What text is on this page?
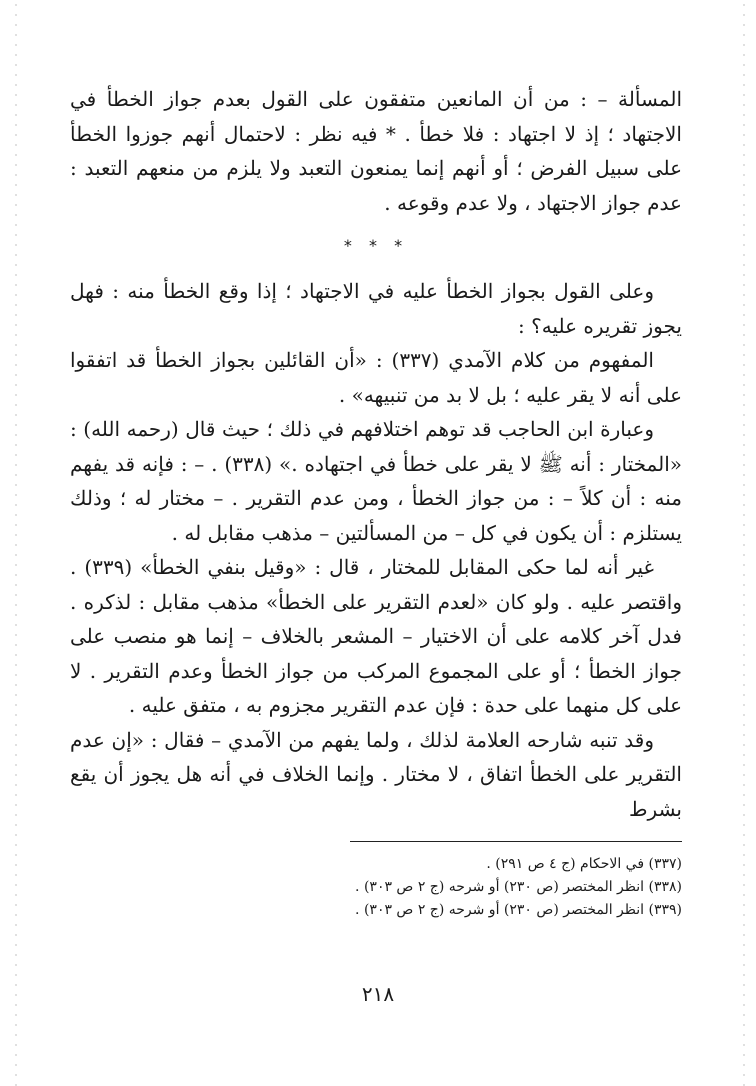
المسألة – : من أن المانعين متفقون على القول بعدم جواز الخطأ في الاجتهاد ؛ إذ لا اجتهاد : فلا خطأ . * فيه نظر : لاحتمال أنهم جوزوا الخطأ على سبيل الفرض ؛ أو أنهم إنما يمنعون التعبد ولا يلزم من منعهم التعبد : عدم جواز الاجتهاد ، ولا عدم وقوعه .

* * *

وعلى القول بجواز الخطأ عليه في الاجتهاد ؛ إذا وقع الخطأ منه : فهل يجوز تقريره عليه؟ :

المفهوم من كلام الآمدي (٣٣٧) : «أن القائلين بجواز الخطأ قد اتفقوا على أنه لا يقر عليه ؛ بل لا بد من تنبيهه» .

وعبارة ابن الحاجب قد توهم اختلافهم في ذلك ؛ حيث قال (رحمه الله) : «المختار : أنه ﷺ لا يقر على خطأ في اجتهاده .» (٣٣٨) . – : فإنه قد يفهم منه : أن كلاً – : من جواز الخطأ ، ومن عدم التقرير . – مختار له ؛ وذلك يستلزم : أن يكون في كل – من المسألتين – مذهب مقابل له .

غير أنه لما حكى المقابل للمختار ، قال : «وقيل بنفي الخطأ» (٣٣٩) . واقتصر عليه . ولو كان «لعدم التقرير على الخطأ» مذهب مقابل : لذكره . فدل آخر كلامه على أن الاختيار – المشعر بالخلاف – إنما هو منصب على جواز الخطأ ؛ أو على المجموع المركب من جواز الخطأ وعدم التقرير . لا على كل منهما على حدة : فإن عدم التقرير مجزوم به ، متفق عليه .

وقد تنبه شارحه العلامة لذلك ، ولما يفهم من الآمدي – فقال : «إن عدم التقرير على الخطأ اتفاق ، لا مختار . وإنما الخلاف في أنه هل يجوز أن يقع بشرط

(٣٣٧) في الاحكام (ج ٤ ص ٢٩١) .
(٣٣٨) انظر المختصر (ص ٢٣٠) أو شرحه (ج ٢ ص ٣٠٣) .
(٣٣٩) انظر المختصر (ص ٢٣٠) أو شرحه (ج ٢ ص ٣٠٣) .
٢١٨
